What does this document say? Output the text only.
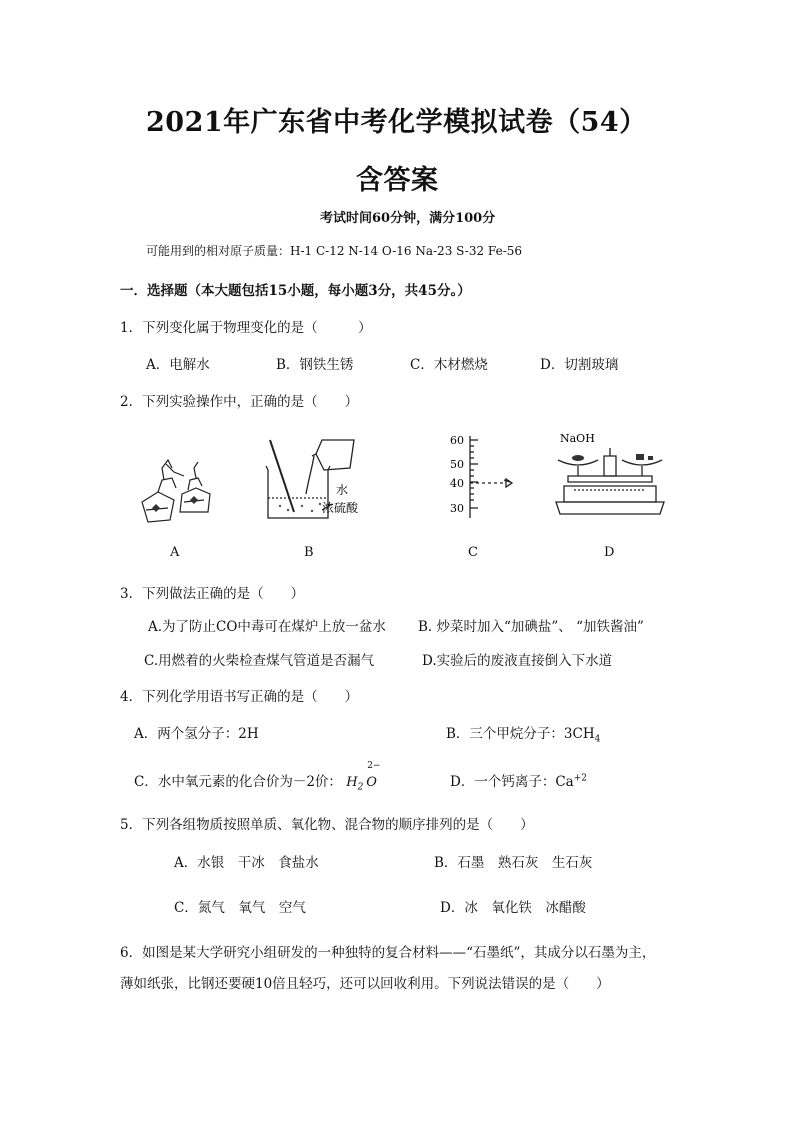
2021年广东省中考化学模拟试卷（54）
含答案
考试时间60分钟，满分100分
可能用到的相对原子质量：H-1 C-12 N-14 O-16 Na-23 S-32 Fe-56
一．选择题（本大题包括15小题，每小题3分，共45分。）
1．下列变化属于物理变化的是（　　　）
A．电解水	B．钢铁生锈	C．木材燃烧	D．切割玻璃
2．下列实验操作中，正确的是（　　）
A
水
浓硫酸
B
60
50
40
30
C
NaOH
D
3．下列做法正确的是（　　）
A.为了防止CO中毒可在煤炉上放一盆水 B. 炒菜时加入“加碘盐”、 “加铁酱油”
C.用燃着的火柴检查煤气管道是否漏气	D.实验后的废液直接倒入下水道
4．下列化学用语书写正确的是（　　）
A．两个氢分子：2H	B．三个甲烷分子：$3CH_4$
C．水中氧元素的化合价为－2价： $H_2$
2−
O	D．一个钙离子：$Ca^{+2}$
5．下列各组物质按照单质、氧化物、混合物的顺序排列的是（　　）
A．水银　干冰　食盐水	B．石墨　熟石灰　生石灰
C．氮气　氧气　空气	D．冰　氧化铁　冰醋酸
6．如图是某大学研究小组研发的一种独特的复合材料——“石墨纸”，其成分以石墨为主，
薄如纸张，比钢还要硬10倍且轻巧，还可以回收利用。下列说法错误的是（　　）
